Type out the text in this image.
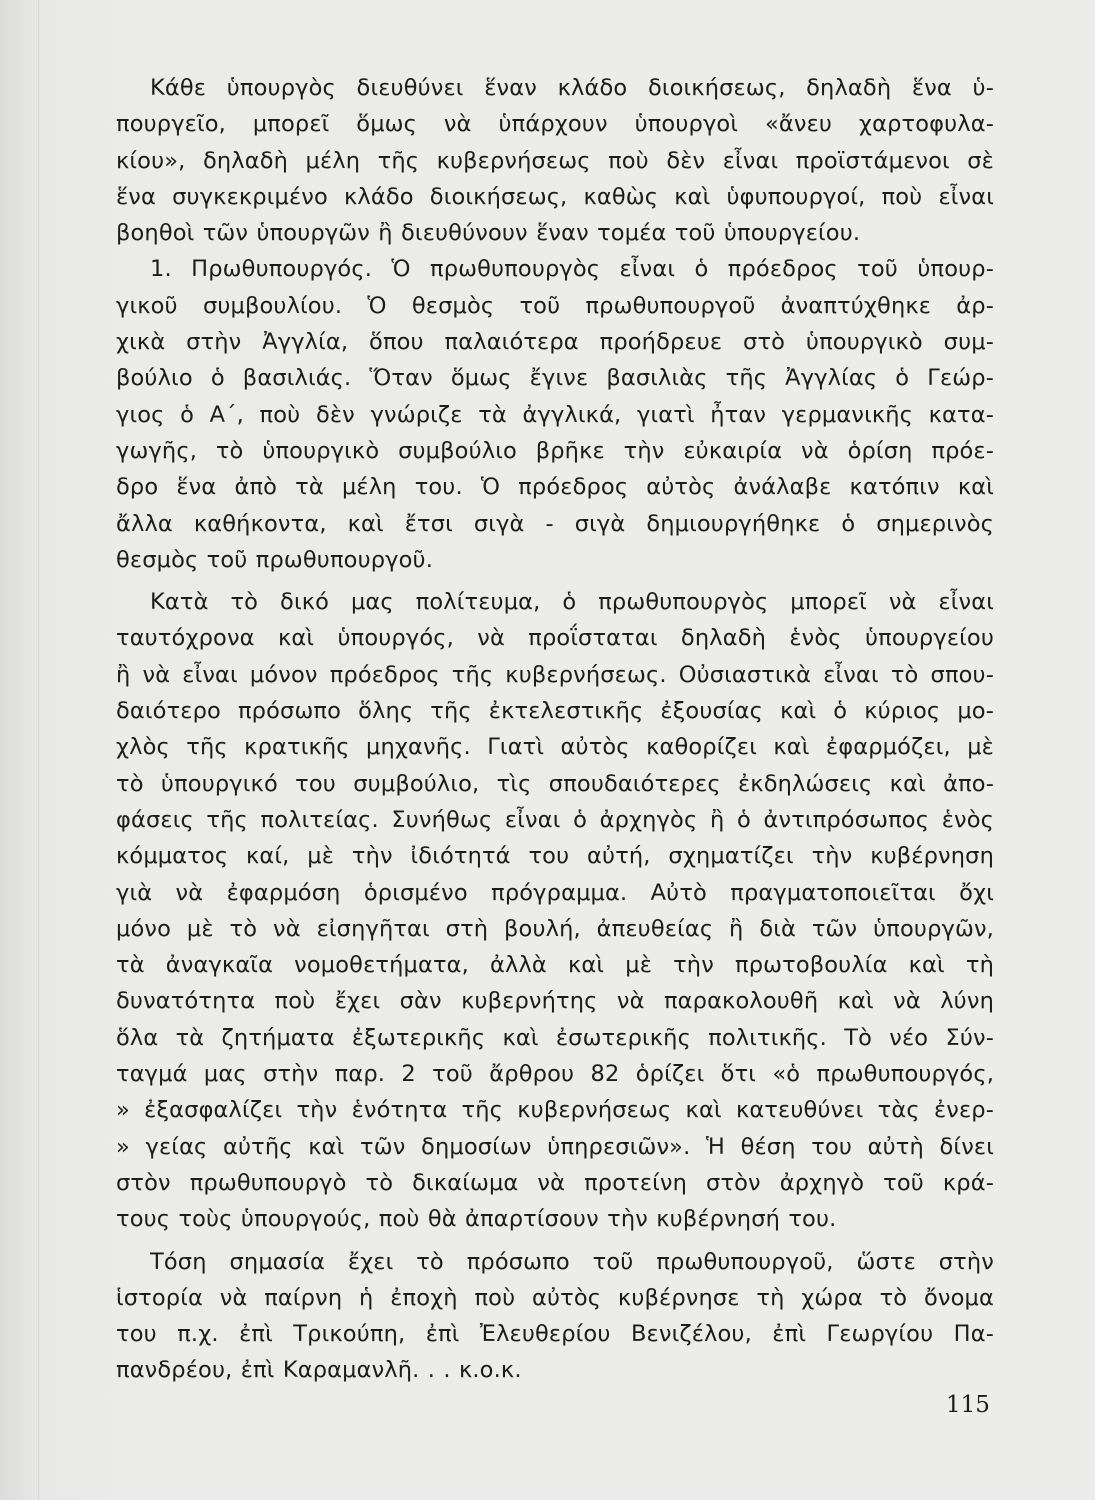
Κάθε ὑπουργὸς διευθύνει ἕναν κλάδο διοικήσεως, δηλαδὴ ἕνα ὑ-
πουργεῖο, μπορεῖ ὅμως νὰ ὑπάρχουν ὑπουργοὶ «ἄνευ χαρτοφυλα-
κίου», δηλαδὴ μέλη τῆς κυβερνήσεως ποὺ δὲν εἶναι προϊστάμενοι σὲ
ἕνα συγκεκριμένο κλάδο διοικήσεως, καθὼς καὶ ὑφυπουργοί, ποὺ εἶναι
βοηθοὶ τῶν ὑπουργῶν ἢ διευθύνουν ἕναν τομέα τοῦ ὑπουργείου.
1. Πρωθυπουργός. Ὁ πρωθυπουργὸς εἶναι ὁ πρόεδρος τοῦ ὑπουρ-
γικοῦ συμβουλίου. Ὁ θεσμὸς τοῦ πρωθυπουργοῦ ἀναπτύχθηκε ἀρ-
χικὰ στὴν Ἀγγλία, ὅπου παλαιότερα προήδρευε στὸ ὑπουργικὸ συμ-
βούλιο ὁ βασιλιάς. Ὅταν ὅμως ἔγινε βασιλιὰς τῆς Ἀγγλίας ὁ Γεώρ-
γιος ὁ Α΄, ποὺ δὲν γνώριζε τὰ ἀγγλικά, γιατὶ ἦταν γερμανικῆς κατα-
γωγῆς, τὸ ὑπουργικὸ συμβούλιο βρῆκε τὴν εὐκαιρία νὰ ὁρίση πρόε-
δρο ἕνα ἀπὸ τὰ μέλη του. Ὁ πρόεδρος αὐτὸς ἀνάλαβε κατόπιν καὶ
ἄλλα καθήκοντα, καὶ ἔτσι σιγὰ - σιγὰ δημιουργήθηκε ὁ σημερινὸς
θεσμὸς τοῦ πρωθυπουργοῦ.
Κατὰ τὸ δικό μας πολίτευμα, ὁ πρωθυπουργὸς μπορεῖ νὰ εἶναι
ταυτόχρονα καὶ ὑπουργός, νὰ προΐσταται δηλαδὴ ἑνὸς ὑπουργείου
ἢ νὰ εἶναι μόνον πρόεδρος τῆς κυβερνήσεως. Οὐσιαστικὰ εἶναι τὸ σπου-
δαιότερο πρόσωπο ὅλης τῆς ἐκτελεστικῆς ἐξουσίας καὶ ὁ κύριος μο-
χλὸς τῆς κρατικῆς μηχανῆς. Γιατὶ αὐτὸς καθορίζει καὶ ἐφαρμόζει, μὲ
τὸ ὑπουργικό του συμβούλιο, τὶς σπουδαιότερες ἐκδηλώσεις καὶ ἀπο-
φάσεις τῆς πολιτείας. Συνήθως εἶναι ὁ ἀρχηγὸς ἢ ὁ ἀντιπρόσωπος ἑνὸς
κόμματος καί, μὲ τὴν ἰδιότητά του αὐτή, σχηματίζει τὴν κυβέρνηση
γιὰ νὰ ἐφαρμόση ὁρισμένο πρόγραμμα. Αὐτὸ πραγματοποιεῖται ὄχι
μόνο μὲ τὸ νὰ εἰσηγῆται στὴ βουλή, ἀπευθείας ἢ διὰ τῶν ὑπουργῶν,
τὰ ἀναγκαῖα νομοθετήματα, ἀλλὰ καὶ μὲ τὴν πρωτοβουλία καὶ τὴ
δυνατότητα ποὺ ἔχει σὰν κυβερνήτης νὰ παρακολουθῆ καὶ νὰ λύνη
ὅλα τὰ ζητήματα ἐξωτερικῆς καὶ ἐσωτερικῆς πολιτικῆς. Τὸ νέο Σύν-
ταγμά μας στὴν παρ. 2 τοῦ ἄρθρου 82 ὁρίζει ὅτι «ὁ πρωθυπουργός,
» ἐξασφαλίζει τὴν ἑνότητα τῆς κυβερνήσεως καὶ κατευθύνει τὰς ἐνερ-
» γείας αὐτῆς καὶ τῶν δημοσίων ὑπηρεσιῶν». Ἡ θέση του αὐτὴ δίνει
στὸν πρωθυπουργὸ τὸ δικαίωμα νὰ προτείνη στὸν ἀρχηγὸ τοῦ κρά-
τους τοὺς ὑπουργούς, ποὺ θὰ ἀπαρτίσουν τὴν κυβέρνησή του.
Τόση σημασία ἔχει τὸ πρόσωπο τοῦ πρωθυπουργοῦ, ὥστε στὴν
ἱστορία νὰ παίρνη ἡ ἐποχὴ ποὺ αὐτὸς κυβέρνησε τὴ χώρα τὸ ὄνομα
του π.χ. ἐπὶ Τρικούπη, ἐπὶ Ἐλευθερίου Βενιζέλου, ἐπὶ Γεωργίου Πα-
πανδρέου, ἐπὶ Καραμανλῆ. . . κ.ο.κ.
115
